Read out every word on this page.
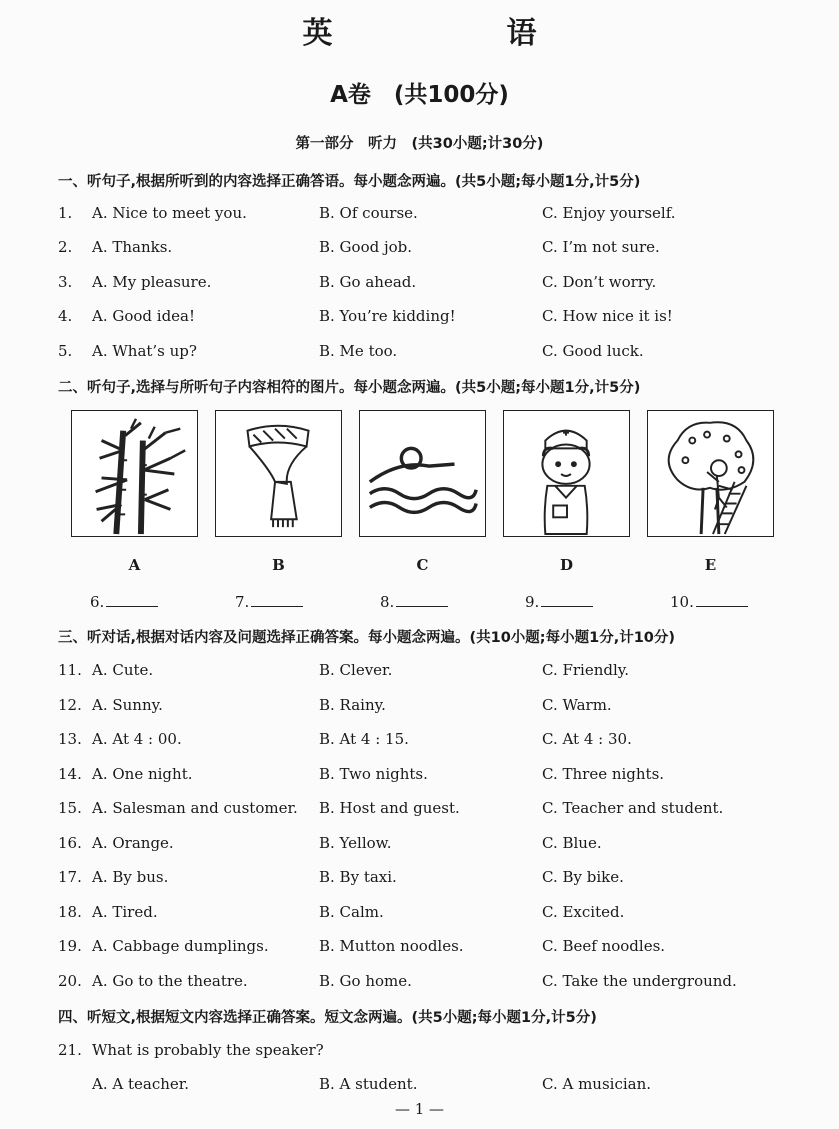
英　语
A卷　(共100分)
第一部分　听力　(共30小题;计30分)
一、听句子,根据所听到的内容选择正确答语。每小题念两遍。(共5小题;每小题1分,计5分)
1. A. Nice to meet you.	B. Of course.	C. Enjoy yourself.
2. A. Thanks.	B. Good job.	C. I’m not sure.
3. A. My pleasure.	B. Go ahead.	C. Don’t worry.
4. A. Good idea!	B. You’re kidding!	C. How nice it is!
5. A. What’s up?	B. Me too.	C. Good luck.
二、听句子,选择与所听句子内容相符的图片。每小题念两遍。(共5小题;每小题1分,计5分)
A	B	C	D	E
6.	7.	8.	9.	10.
三、听对话,根据对话内容及问题选择正确答案。每小题念两遍。(共10小题;每小题1分,计10分)
11. A. Cute.	B. Clever.	C. Friendly.
12. A. Sunny.	B. Rainy.	C. Warm.
13. A. At 4 : 00.	B. At 4 : 15.	C. At 4 : 30.
14. A. One night.	B. Two nights.	C. Three nights.
15. A. Salesman and customer. B. Host and guest.	C. Teacher and student.
16. A. Orange.	B. Yellow.	C. Blue.
17. A. By bus.	B. By taxi.	C. By bike.
18. A. Tired.	B. Calm.	C. Excited.
19. A. Cabbage dumplings.	B. Mutton noodles.	C. Beef noodles.
20. A. Go to the theatre.	B. Go home.	C. Take the underground.
四、听短文,根据短文内容选择正确答案。短文念两遍。(共5小题;每小题1分,计5分)
21. What is probably the speaker?
A. A teacher.	B. A student.	C. A musician.
— 1 —
